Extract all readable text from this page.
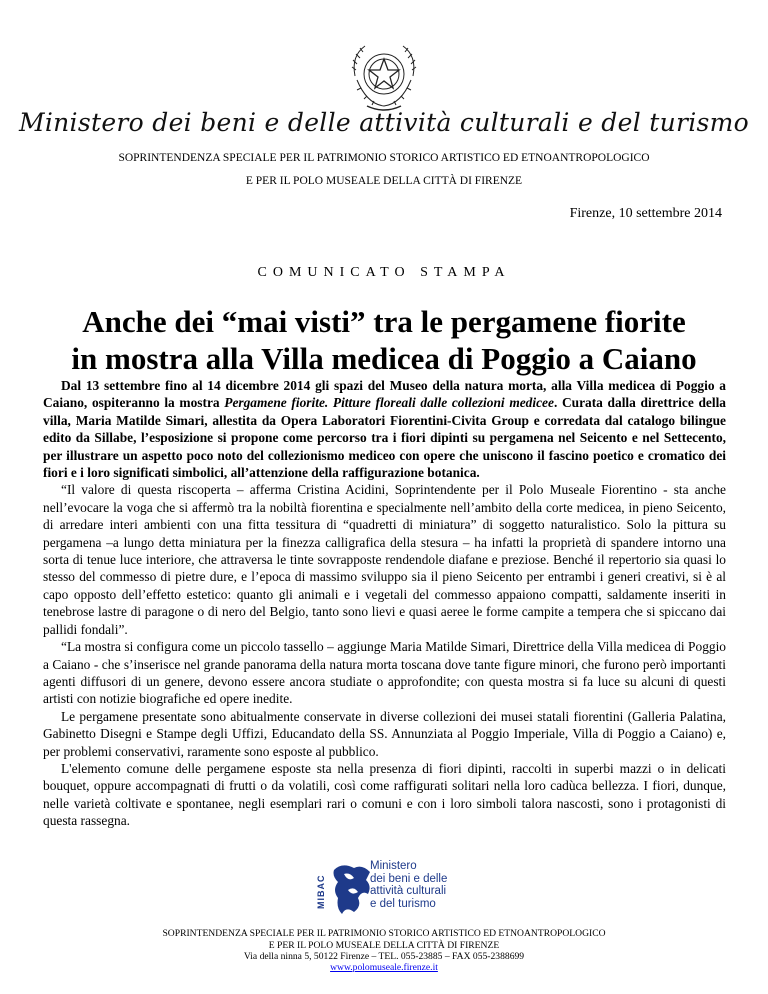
Ministero dei beni e delle attività culturali e del turismo
SOPRINTENDENZA SPECIALE PER IL PATRIMONIO STORICO ARTISTICO ED ETNOANTROPOLOGICO
E PER IL POLO MUSEALE DELLA CITTÀ DI FIRENZE
Firenze, 10 settembre 2014
COMUNICATO STAMPA
Anche dei “mai visti” tra le pergamene fiorite
in mostra alla Villa medicea di Poggio a Caiano

Dal 13 settembre fino al 14 dicembre 2014 gli spazi del Museo della natura morta, alla Villa medicea di Poggio a Caiano, ospiteranno la mostra Pergamene fiorite. Pitture floreali dalle collezioni medicee. Curata dalla direttrice della villa, Maria Matilde Simari, allestita da Opera Laboratori Fiorentini-Civita Group e corredata dal catalogo bilingue edito da Sillabe, l’esposizione si propone come percorso tra i fiori dipinti su pergamena nel Seicento e nel Settecento, per illustrare un aspetto poco noto del collezionismo mediceo con opere che uniscono il fascino poetico e cromatico dei fiori e i loro significati simbolici, all’attenzione della raffigurazione botanica.

“Il valore di questa riscoperta – afferma Cristina Acidini, Soprintendente per il Polo Museale Fiorentino - sta anche nell’evocare la voga che si affermò tra la nobiltà fiorentina e specialmente nell’ambito della corte medicea, in pieno Seicento, di arredare interi ambienti con una fitta tessitura di “quadretti di miniatura” di soggetto naturalistico. Solo la pittura su pergamena –a lungo detta miniatura per la finezza calligrafica della stesura – ha infatti la proprietà di spandere intorno una sorta di tenue luce interiore, che attraversa le tinte sovrapposte rendendole diafane e preziose. Benché il repertorio sia quasi lo stesso del commesso di pietre dure, e l’epoca di massimo sviluppo sia il pieno Seicento per entrambi i generi creativi, si è al capo opposto dell’effetto estetico: quanto gli animali e i vegetali del commesso appaiono compatti, saldamente inseriti in tenebrose lastre di paragone o di nero del Belgio, tanto sono lievi e quasi aeree le forme campite a tempera che si spiccano dai pallidi fondali”.

“La mostra si configura come un piccolo tassello – aggiunge Maria Matilde Simari, Direttrice della Villa medicea di Poggio a Caiano - che s’inserisce nel grande panorama della natura morta toscana dove tante figure minori, che furono però importanti agenti diffusori di un genere, devono essere ancora studiate o approfondite; con questa mostra si fa luce su alcuni di questi artisti con notizie biografiche ed opere inedite.

Le pergamene presentate sono abitualmente conservate in diverse collezioni dei musei statali fiorentini (Galleria Palatina, Gabinetto Disegni e Stampe degli Uffizi, Educandato della SS. Annunziata al Poggio Imperiale, Villa di Poggio a Caiano) e, per problemi conservativi, raramente sono esposte al pubblico.

L'elemento comune delle pergamene esposte sta nella presenza di fiori dipinti, raccolti in superbi mazzi o in delicati bouquet, oppure accompagnati di frutti o da volatili, così come raffigurati solitari nella loro cadùca bellezza. I fiori, dunque, nelle varietà coltivate e spontanee, negli esemplari rari o comuni e con i loro simboli talora nascosti, sono i protagonisti di questa rassegna.

MIBAC
Ministero
dei beni e delle
attività culturali
e del turismo
SOPRINTENDENZA SPECIALE PER IL PATRIMONIO STORICO ARTISTICO ED ETNOANTROPOLOGICO
E PER IL POLO MUSEALE DELLA CITTÀ DI FIRENZE
Via della ninna 5, 50122 Firenze – TEL. 055-23885 – FAX 055-2388699
www.polomuseale.firenze.it
